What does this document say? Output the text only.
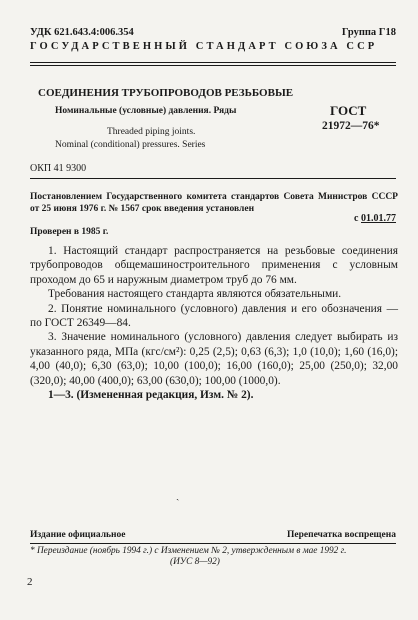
УДК 621.643.4:006.354	Группа Г18
ГОСУДАРСТВЕННЫЙ СТАНДАРТ СОЮЗА ССР
СОЕДИНЕНИЯ ТРУБОПРОВОДОВ РЕЗЬБОВЫЕ
Номинальные (условные) давления. Ряды	ГОСТ
21972—76*
Threaded piping joints.
Nominal (conditional) pressures. Series
ОКП 41 9300
Постановлением Государственного комитета стандартов Совета Министров СССР от 25 июня 1976 г. № 1567 срок введения установлен
с 01.01.77
Проверен в 1985 г.

1. Настоящий стандарт распространяется на резьбовые соединения трубопроводов общемашиностроительного применения с условным проходом до 65 и наружным диаметром труб до 76 мм.

Требования настоящего стандарта являются обязательными.

2. Понятие номинального (условного) давления и его обозначения — по ГОСТ 26349—84.

3. Значение номинального (условного) давления следует выбирать из указанного ряда, МПа (кгс/см²): 0,25 (2,5); 0,63 (6,3); 1,0 (10,0); 1,60 (16,0); 4,00 (40,0); 6,30 (63,0); 10,00 (100,0); 16,00 (160,0); 25,00 (250,0); 32,00 (320,0); 40,00 (400,0); 63,00 (630,0); 100,00 (1000,0).

1—3. (Измененная редакция, Изм. № 2).

ˎ
Издание официальное	Перепечатка воспрещена
* Переиздание (ноябрь 1994 г.) с Изменением № 2, утвержденным в мае 1992 г.
(ИУС 8—92)
2
